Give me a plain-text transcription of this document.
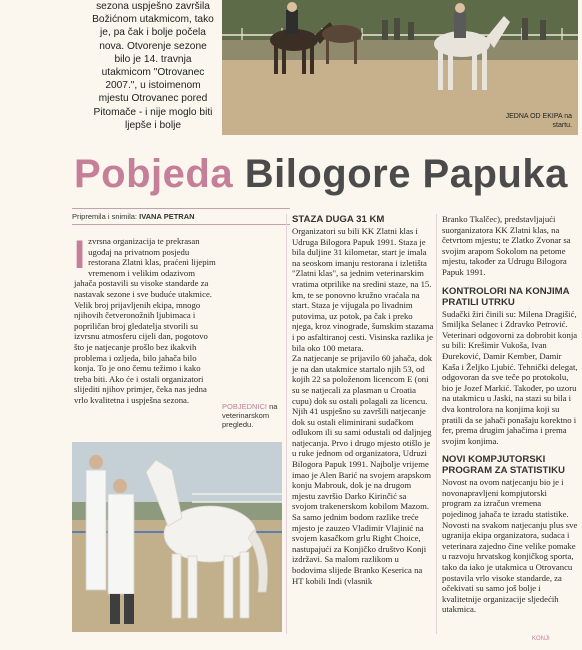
sezona uspješno završila Božićnom utakmicom, tako je, pa čak i bolje počela nova. Otvorenje sezone bilo je 14. travnja utakmicom "Otrovanec 2007.", u istoimenom mjestu Otrovanec pored Pitomače - i nije moglo biti ljepše i bolje
JEDNA OD EKIPA na startu.
Pobjeda Bilogore Papuka
Pripremila i snimila: IVANA PETRAN
I zvrsna organizacija te prekrasan ugođaj na privatnom posjedu restorana Zlatni klas, praćeni lijepim vremenom i velikim odazivom jahača postavili su visoke standarde za nastavak sezone i sve buduće utakmice. Velik broj prijavljenih ekipa, mnogo njihovih četveronožnih ljubimaca i popriličan broj gledatelja stvorili su izvrsnu atmosferu cijeli dan, pogotovo što je natjecanje prošlo bez ikakvih problema i ozljeda, bilo jahača bilo konja. To je ono čemu težimo i kako treba biti. Ako će i ostali organizatori slijediti njihov primjer, čeka nas jedna vrlo kvalitetna i uspješna sezona.

POBJEDNICI na veterinarskom pregledu.
STAZA DUGA 31 KM

Organizatori su bili KK Zlatni klas i Udruga Bilogora Papuk 1991. Staza je bila duljine 31 kilometar, start je imala na seoskom imanju restorana i izletišta "Zlatni klas", sa jednim veterinarskim vratima otprilike na sredini staze, na 15. km, te se ponovno kružno vraćala na start. Staza je vijugala po livadnim putovima, uz potok, pa čak i preko njega, kroz vinograde, šumskim stazama i po asfaltiranoj cesti. Visinska razlika je bila oko 100 metara.

Za natjecanje se prijavilo 60 jahača, dok je na dan utakmice startalo njih 53, od kojih 22 sa položenom licencom E (oni su se natjecali za plasman u Croatia cupu) dok su ostali polagali za licencu. Njih 41 uspješno su završili natjecanje dok su ostali eliminirani sudačkom odlukom ili su sami odustali od daljnjeg natjecanja. Prvo i drugo mjesto otišlo je u ruke jednom od organizatora, Udruzi Bilogora Papuk 1991. Najbolje vrijeme imao je Alen Barić na svojem arapskom konju Mabrouk, dok je na drugom mjestu završio Darko Kirinčić sa svojom trakenerskom kobilom Mazom. Sa samo jednim bodom razlike treće mjesto je zauzeo Vladimir Vlajinić na svojem kasačkom grlu Right Choice, nastupajući za Konjičko društvo Konji izdržavi. Sa malom razlikom u bodovima slijede Branko Keserica na HT kobili Indi (vlasnik

Branko Tkalčec), predstavljajući suorganizatora KK Zlatni klas, na četvrtom mjestu; te Zlatko Zvonar sa svojim arapom Sokolom na petome mjestu, također za Udrugu Bilogora Papuk 1991.

KONTROLORI NA KONJIMA PRATILI UTRKU

Sudački žiri činili su: Milena Dragišić, Smiljka Selanec i Zdravko Petrović. Veterinari odgovorni za dobrobit konja su bili: Krešimir Vukoša, Ivan Đureković, Damir Kember, Damir Kaša i Željko Ljubić. Tehnički delegat, odgovoran da sve teče po protokolu, bio je Jozef Markić. Također, po uzoru na utakmicu u Jaski, na stazi su bila i dva kontrolora na konjima koji su pratili da se jahači ponašaju korektno i fer, prema drugim jahačima i prema svojim konjima.

NOVI KOMPJUTORSKI PROGRAM ZA STATISTIKU

Novost na ovom natjecanju bio je i novonapravljeni kompjutorski program za izračun vremena pojedinog jahača te izradu statistike. Novosti na svakom natjecanju plus sve ugranija ekipa organizatora, sudaca i veterinara zajedno čine velike pomake u razvoju hrvatskog konjičkog sporta, tako da iako je utakmica u Otrovancu postavila vrlo visoke standarde, za očekivati su samo još bolje i kvalitetnije organizacije sljedećih utakmica.

KONJI
